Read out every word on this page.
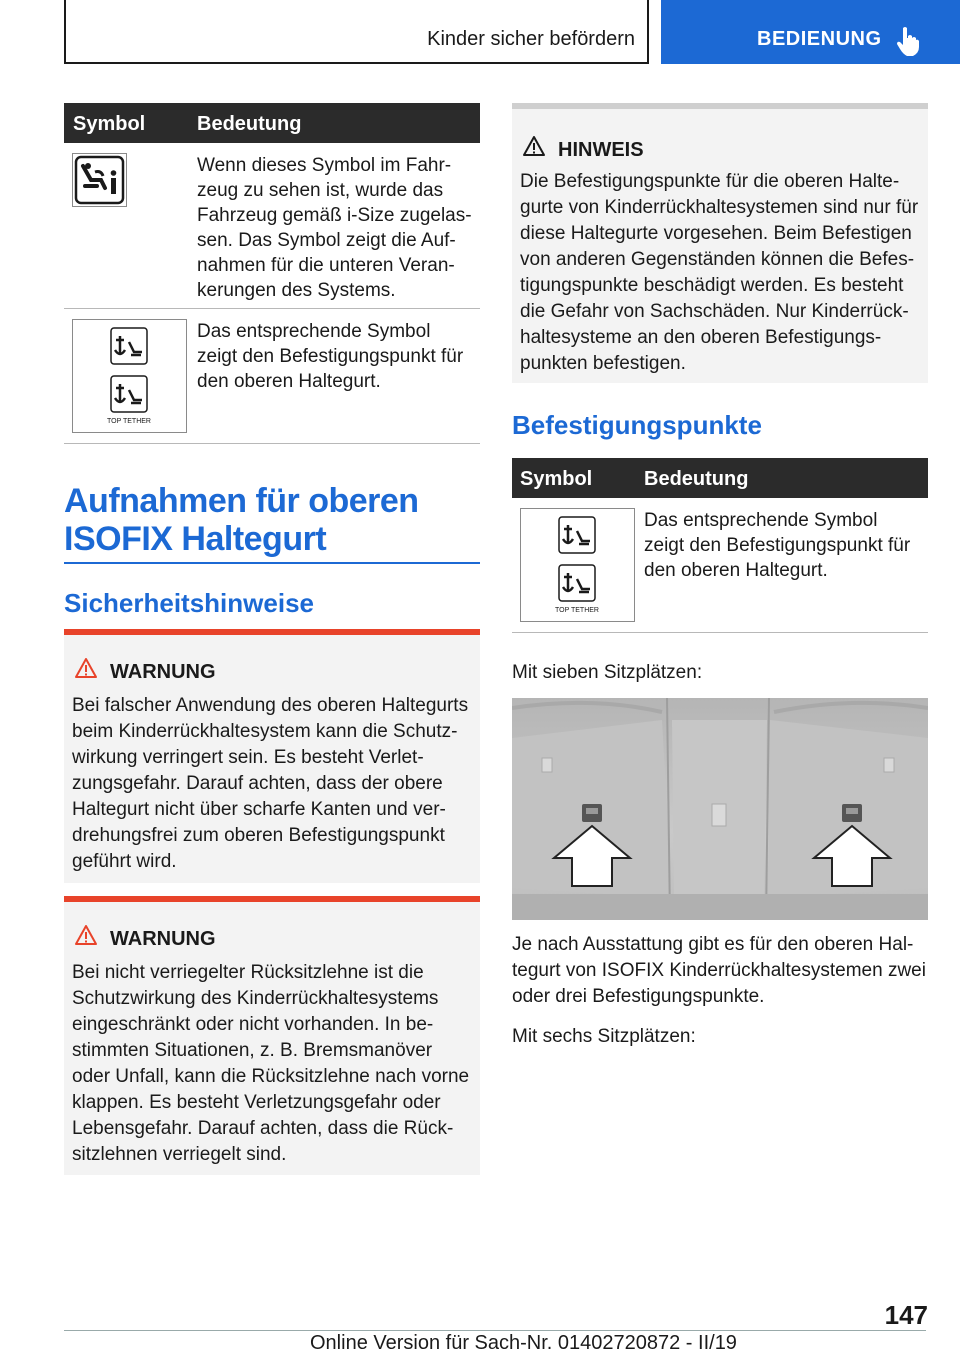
Kinder sicher befördern	BEDIENUNG
Symbol	Bedeutung
Wenn dieses Symbol im Fahr-
zeug zu sehen ist, wurde das
Fahrzeug gemäß i-Size zugelas-
sen. Das Symbol zeigt die Auf-
nahmen für die unteren Veran-
kerungen des Systems.
TOP TETHER
Das entsprechende Symbol
zeigt den Befestigungspunkt für
den oberen Haltegurt.
Aufnahmen für oberen ISOFIX Haltegurt
Sicherheitshinweise
WARNUNG
Bei falscher Anwendung des oberen Haltegurts
beim Kinderrückhaltesystem kann die Schutz-
wirkung verringert sein. Es besteht Verlet-
zungsgefahr. Darauf achten, dass der obere
Haltegurt nicht über scharfe Kanten und ver-
drehungsfrei zum oberen Befestigungspunkt
geführt wird.
WARNUNG
Bei nicht verriegelter Rücksitzlehne ist die
Schutzwirkung des Kinderrückhaltesystems
eingeschränkt oder nicht vorhanden. In be-
stimmten Situationen, z. B. Bremsmanöver
oder Unfall, kann die Rücksitzlehne nach vorne
klappen. Es besteht Verletzungsgefahr oder
Lebensgefahr. Darauf achten, dass die Rück-
sitzlehnen verriegelt sind.
HINWEIS
Die Befestigungspunkte für die oberen Halte-
gurte von Kinderrückhaltesystemen sind nur für
diese Haltegurte vorgesehen. Beim Befestigen
von anderen Gegenständen können die Befes-
tigungspunkte beschädigt werden. Es besteht
die Gefahr von Sachschäden. Nur Kinderrück-
haltesysteme an den oberen Befestigungs-
punkten befestigen.
Befestigungspunkte
Symbol	Bedeutung
TOP TETHER
Das entsprechende Symbol
zeigt den Befestigungspunkt für
den oberen Haltegurt.
Mit sieben Sitzplätzen:
Je nach Ausstattung gibt es für den oberen Hal-
tegurt von ISOFIX Kinderrückhaltesystemen zwei
oder drei Befestigungspunkte.
Mit sechs Sitzplätzen:
147
Online Version für Sach-Nr. 01402720872 - II/19
